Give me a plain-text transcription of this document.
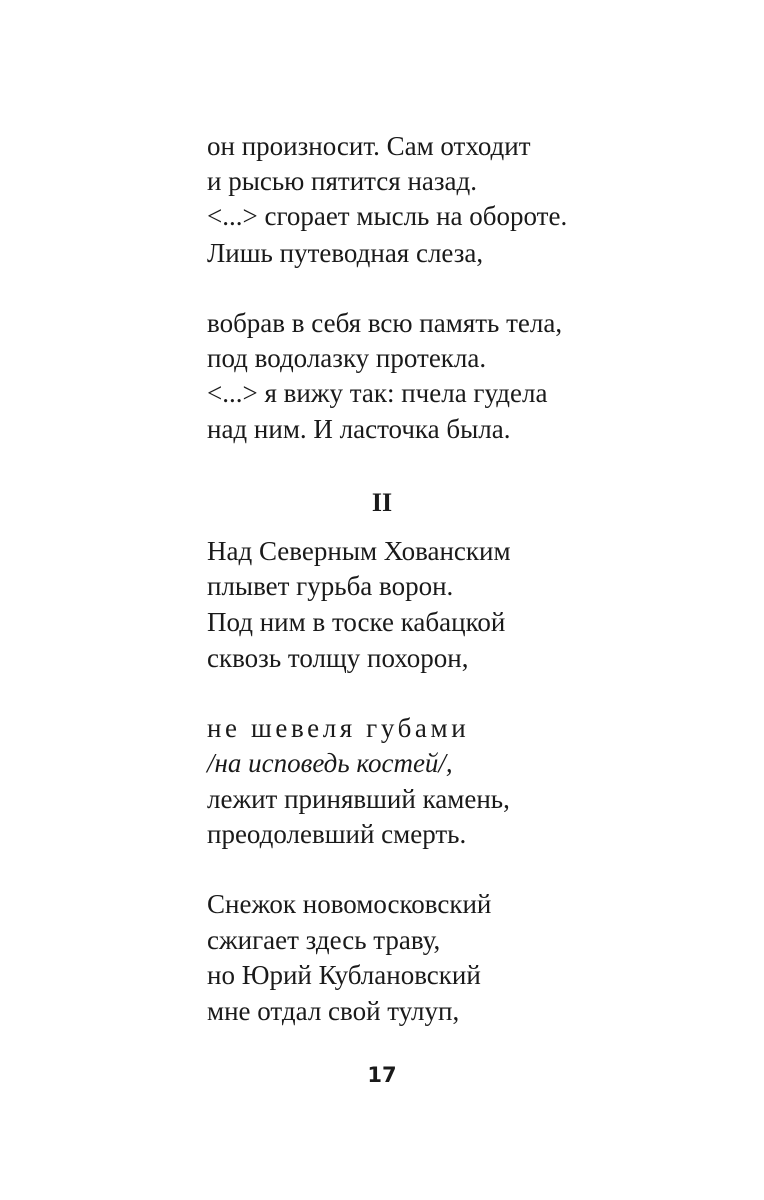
он произносит. Сам отходит
и рысью пятится назад.
<...> сгорает мысль на обороте.
Лишь путеводная слеза,
вобрав в себя всю память тела,
под водолазку протекла.
<...> я вижу так: пчела гудела
над ним. И ласточка была.
II
Над Северным Хованским
плывет гурьба ворон.
Под ним в тоске кабацкой
сквозь толщу похорон,
не шевеля губами
/на исповедь костей/,
лежит принявший камень,
преодолевший смерть.
Снежок новомосковский
сжигает здесь траву,
но Юрий Кублановский
мне отдал свой тулуп,
17
